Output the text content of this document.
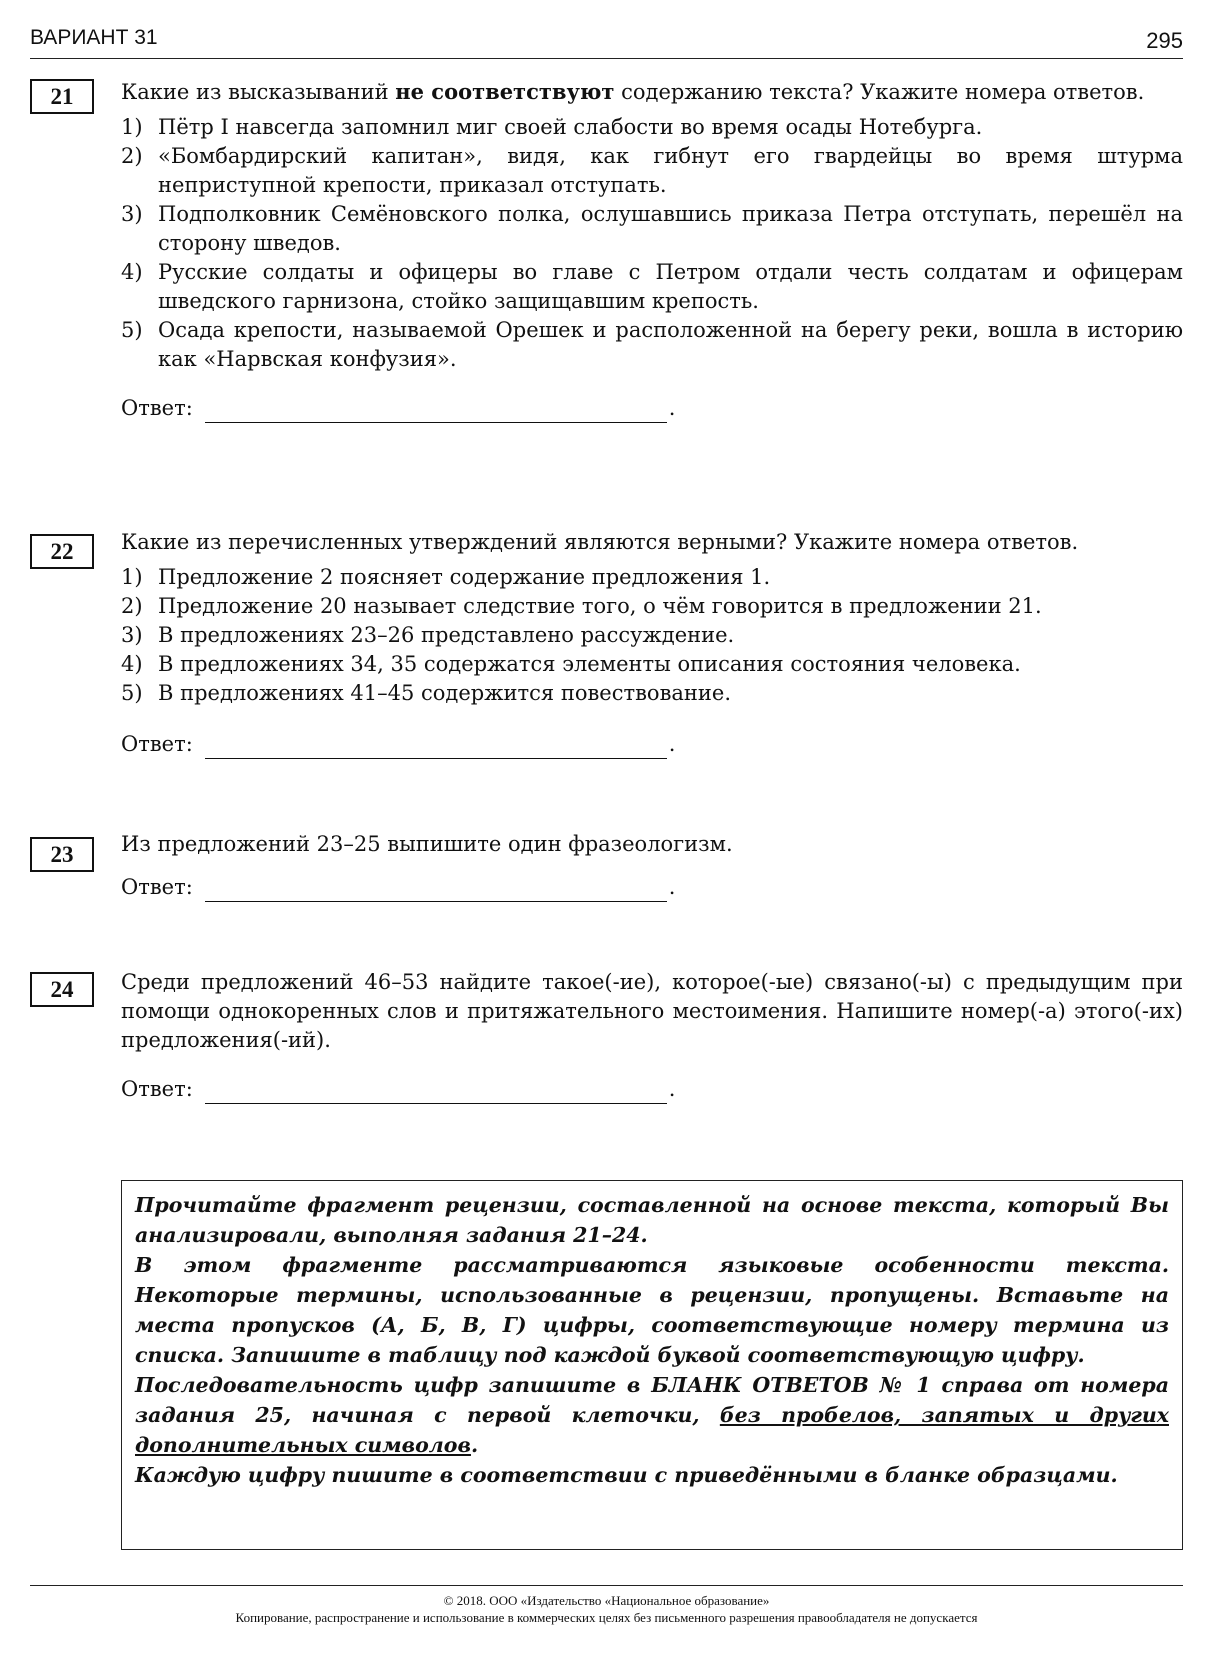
ВАРИАНТ 31	295
21	Какие из высказываний не соответствуют содержанию текста? Укажите номера ответов.

1) Пётр I навсегда запомнил миг своей слабости во время осады Нотебурга.
2) «Бомбардирский капитан», видя, как гибнут его гвардейцы во время штурма неприступной крепости, приказал отступать.
3) Подполковник Семёновского полка, ослушавшись приказа Петра отступать, перешёл на сторону шведов.
4) Русские солдаты и офицеры во главе с Петром отдали честь солдатам и офицерам шведского гарнизона, стойко защищавшим крепость.
5) Осада крепости, называемой Орешек и расположенной на берегу реки, вошла в историю как «Нарвская конфузия».
Ответ:	.
22	Какие из перечисленных утверждений являются верными? Укажите номера ответов.

1) Предложение 2 поясняет содержание предложения 1.
2) Предложение 20 называет следствие того, о чём говорится в предложении 21.
3) В предложениях 23–26 представлено рассуждение.
4) В предложениях 34, 35 содержатся элементы описания состояния человека.
5) В предложениях 41–45 содержится повествование.
Ответ:	.
23	Из предложений 23–25 выпишите один фразеологизм.

Ответ:	.
24	Среди предложений 46–53 найдите такое(-ие), которое(-ые) связано(-ы) с предыдущим при помощи однокоренных слов и притяжательного местоимения. Напишите номер(-а) этого(-их) предложения(-ий).

Ответ:	.

Прочитайте фрагмент рецензии, составленной на основе текста, который Вы анализировали, выполняя задания 21–24.

В этом фрагменте рассматриваются языковые особенности текста. Некоторые термины, использованные в рецензии, пропущены. Вставьте на места пропусков (А, Б, В, Г) цифры, соответствующие номеру термина из списка. Запишите в таблицу под каждой буквой соответствующую цифру.

Последовательность цифр запишите в БЛАНК ОТВЕТОВ № 1 справа от номера задания 25, начиная с первой клеточки, без пробелов, запятых и других дополнительных символов.

Каждую цифру пишите в соответствии с приведёнными в бланке образцами.

© 2018. ООО «Издательство «Национальное образование»
Копирование, распространение и использование в коммерческих целях без письменного разрешения правообладателя не допускается
